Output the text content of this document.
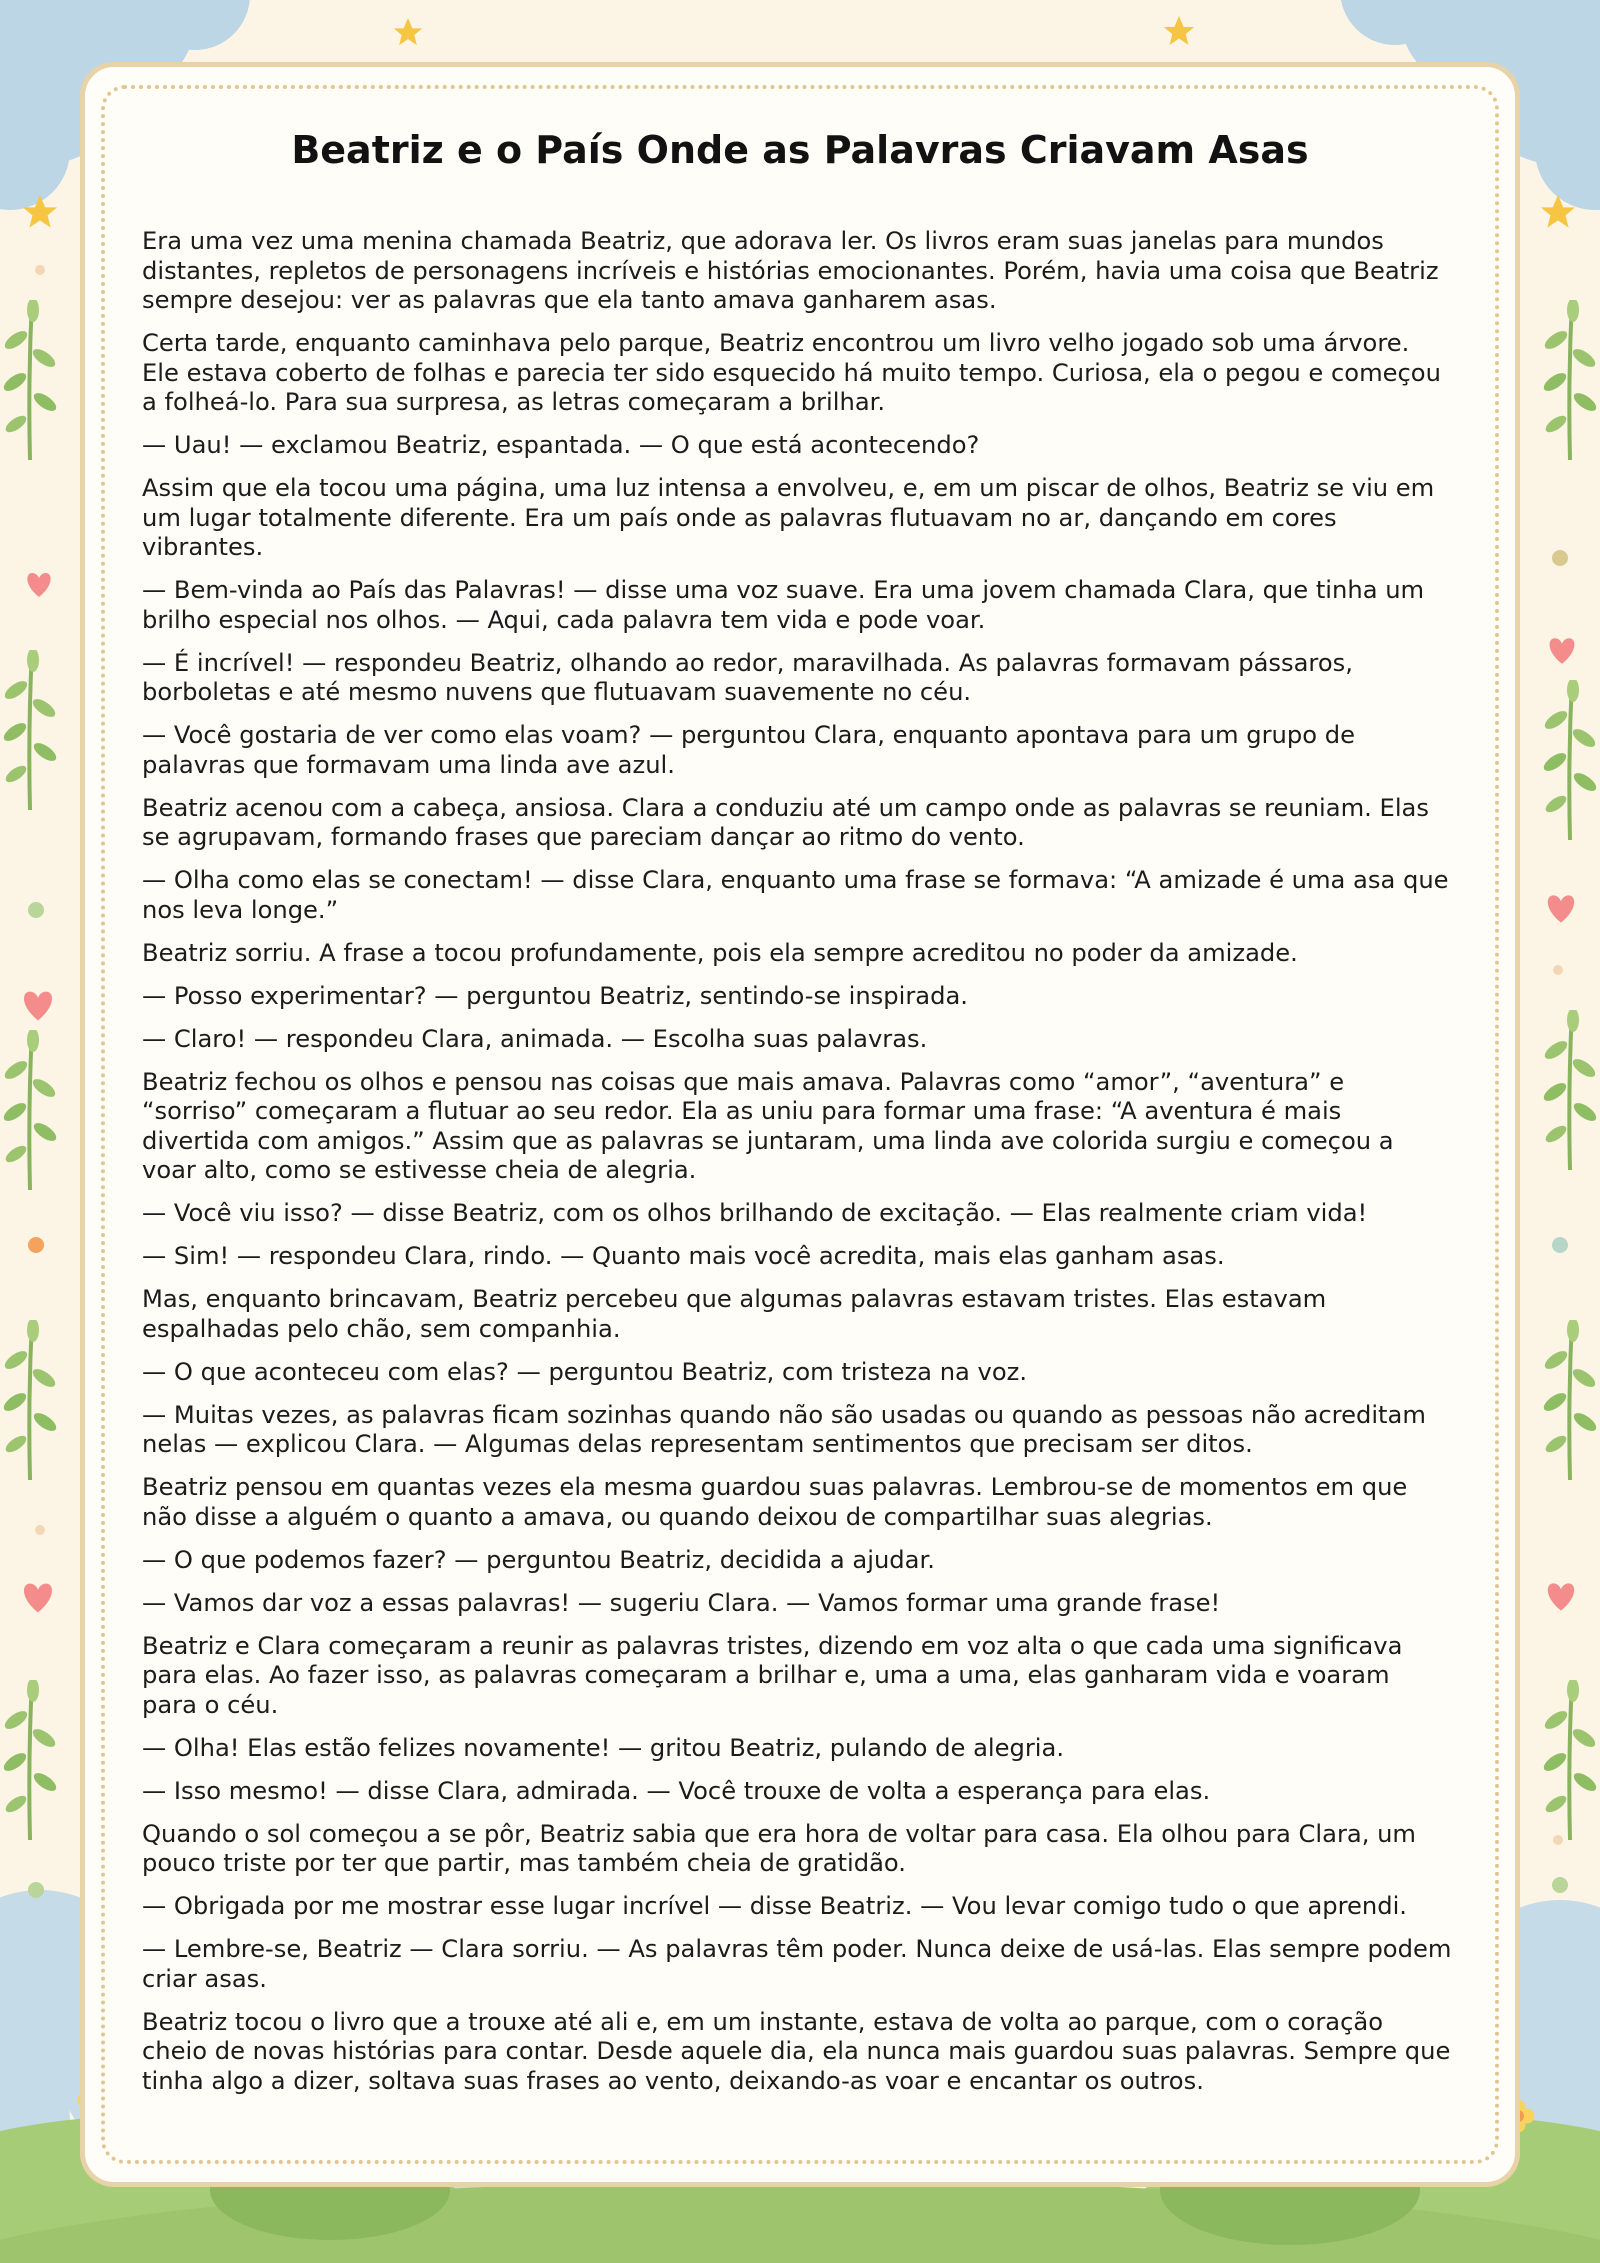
Beatriz e o País Onde as Palavras Criavam Asas

Era uma vez uma menina chamada Beatriz, que adorava ler. Os livros eram suas janelas para mundos distantes, repletos de personagens incríveis e histórias emocionantes. Porém, havia uma coisa que Beatriz sempre desejou: ver as palavras que ela tanto amava ganharem asas.

Certa tarde, enquanto caminhava pelo parque, Beatriz encontrou um livro velho jogado sob uma árvore. Ele estava coberto de folhas e parecia ter sido esquecido há muito tempo. Curiosa, ela o pegou e começou a folheá-lo. Para sua surpresa, as letras começaram a brilhar.

— Uau! — exclamou Beatriz, espantada. — O que está acontecendo?

Assim que ela tocou uma página, uma luz intensa a envolveu, e, em um piscar de olhos, Beatriz se viu em um lugar totalmente diferente. Era um país onde as palavras flutuavam no ar, dançando em cores vibrantes.

— Bem-vinda ao País das Palavras! — disse uma voz suave. Era uma jovem chamada Clara, que tinha um brilho especial nos olhos. — Aqui, cada palavra tem vida e pode voar.

— É incrível! — respondeu Beatriz, olhando ao redor, maravilhada. As palavras formavam pássaros, borboletas e até mesmo nuvens que flutuavam suavemente no céu.

— Você gostaria de ver como elas voam? — perguntou Clara, enquanto apontava para um grupo de palavras que formavam uma linda ave azul.

Beatriz acenou com a cabeça, ansiosa. Clara a conduziu até um campo onde as palavras se reuniam. Elas se agrupavam, formando frases que pareciam dançar ao ritmo do vento.

— Olha como elas se conectam! — disse Clara, enquanto uma frase se formava: “A amizade é uma asa que nos leva longe.”

Beatriz sorriu. A frase a tocou profundamente, pois ela sempre acreditou no poder da amizade.

— Posso experimentar? — perguntou Beatriz, sentindo-se inspirada.

— Claro! — respondeu Clara, animada. — Escolha suas palavras.

Beatriz fechou os olhos e pensou nas coisas que mais amava. Palavras como “amor”, “aventura” e “sorriso” começaram a flutuar ao seu redor. Ela as uniu para formar uma frase: “A aventura é mais divertida com amigos.” Assim que as palavras se juntaram, uma linda ave colorida surgiu e começou a voar alto, como se estivesse cheia de alegria.

— Você viu isso? — disse Beatriz, com os olhos brilhando de excitação. — Elas realmente criam vida!

— Sim! — respondeu Clara, rindo. — Quanto mais você acredita, mais elas ganham asas.

Mas, enquanto brincavam, Beatriz percebeu que algumas palavras estavam tristes. Elas estavam espalhadas pelo chão, sem companhia.

— O que aconteceu com elas? — perguntou Beatriz, com tristeza na voz.

— Muitas vezes, as palavras ficam sozinhas quando não são usadas ou quando as pessoas não acreditam nelas — explicou Clara. — Algumas delas representam sentimentos que precisam ser ditos.

Beatriz pensou em quantas vezes ela mesma guardou suas palavras. Lembrou-se de momentos em que não disse a alguém o quanto a amava, ou quando deixou de compartilhar suas alegrias.

— O que podemos fazer? — perguntou Beatriz, decidida a ajudar.

— Vamos dar voz a essas palavras! — sugeriu Clara. — Vamos formar uma grande frase!

Beatriz e Clara começaram a reunir as palavras tristes, dizendo em voz alta o que cada uma significava para elas. Ao fazer isso, as palavras começaram a brilhar e, uma a uma, elas ganharam vida e voaram para o céu.

— Olha! Elas estão felizes novamente! — gritou Beatriz, pulando de alegria.

— Isso mesmo! — disse Clara, admirada. — Você trouxe de volta a esperança para elas.

Quando o sol começou a se pôr, Beatriz sabia que era hora de voltar para casa. Ela olhou para Clara, um pouco triste por ter que partir, mas também cheia de gratidão.

— Obrigada por me mostrar esse lugar incrível — disse Beatriz. — Vou levar comigo tudo o que aprendi.

— Lembre-se, Beatriz — Clara sorriu. — As palavras têm poder. Nunca deixe de usá-las. Elas sempre podem criar asas.

Beatriz tocou o livro que a trouxe até ali e, em um instante, estava de volta ao parque, com o coração cheio de novas histórias para contar. Desde aquele dia, ela nunca mais guardou suas palavras. Sempre que tinha algo a dizer, soltava suas frases ao vento, deixando-as voar e encantar os outros.
